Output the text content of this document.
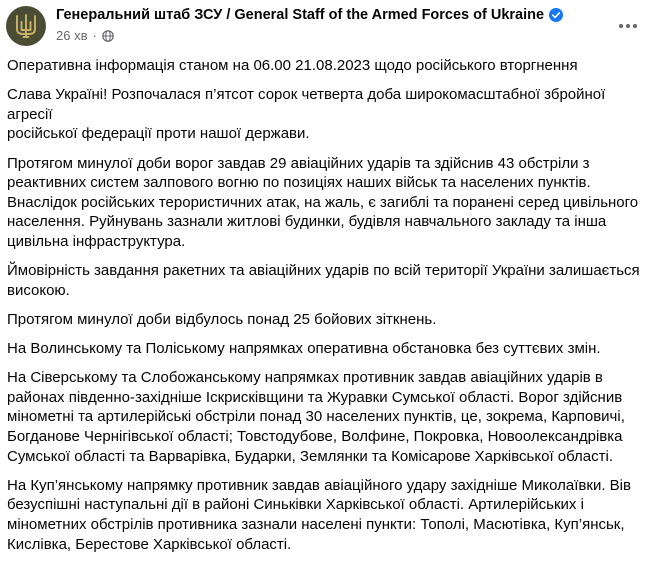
Генеральний штаб ЗСУ / General Staff of the Armed Forces of Ukraine
26 хв ·

Оперативна інформація станом на 06.00 21.08.2023 щодо російського вторгнення

Слава Україні! Розпочалася п’ятсот сорок четверта доба широкомасштабної збройної агресії
російської федерації проти нашої держави.

Протягом минулої доби ворог завдав 29 авіаційних ударів та здійснив 43 обстріли з
реактивних систем залпового вогню по позиціях наших військ та населених пунктів.
Внаслідок російських терористичних атак, на жаль, є загиблі та поранені серед цивільного
населення. Руйнувань зазнали житлові будинки, будівля навчального закладу та інша
цивільна інфраструктура.

Ймовірність завдання ракетних та авіаційних ударів по всій території України залишається
високою.

Протягом минулої доби відбулось понад 25 бойових зіткнень.

На Волинському та Поліському напрямках оперативна обстановка без суттєвих змін.

На Сіверському та Слобожанському напрямках противник завдав авіаційних ударів в
районах південно-західніше Іскрисківщини та Журавки Сумської області. Ворог здійснив
мінометні та артилерійські обстріли понад 30 населених пунктів, це, зокрема, Карповичі,
Богданове Чернігівської області; Товстодубове, Волфине, Покровка, Новоолександрівка
Сумської області та Варварівка, Бударки, Землянки та Комісарове Харківської області.

На Куп’янському напрямку противник завдав авіаційного удару західніше Миколаївки. Вів
безуспішні наступальні дії в районі Синьківки Харківської області. Артилерійських і
мінометних обстрілів противника зазнали населені пункти: Тополі, Масютівка, Куп’янськ,
Кислівка, Берестове Харківської області.
